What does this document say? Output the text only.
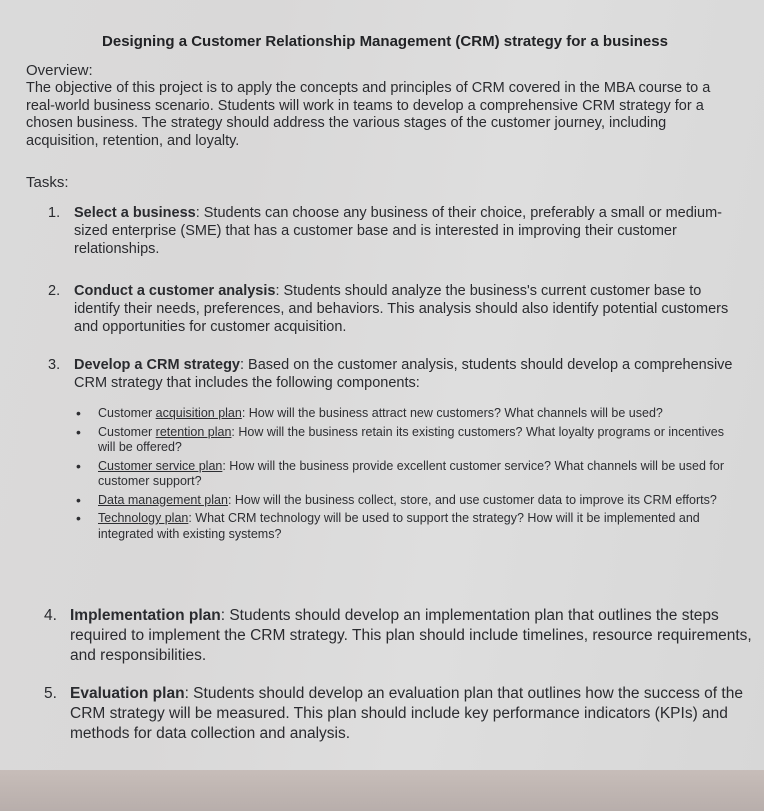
Designing a Customer Relationship Management (CRM) strategy for a business
Overview:
The objective of this project is to apply the concepts and principles of CRM covered in the MBA course to a real-world business scenario. Students will work in teams to develop a comprehensive CRM strategy for a chosen business. The strategy should address the various stages of the customer journey, including acquisition, retention, and loyalty.
Tasks:
1. Select a business: Students can choose any business of their choice, preferably a small or medium-sized enterprise (SME) that has a customer base and is interested in improving their customer relationships.
2. Conduct a customer analysis: Students should analyze the business's current customer base to identify their needs, preferences, and behaviors. This analysis should also identify potential customers and opportunities for customer acquisition.
3. Develop a CRM strategy: Based on the customer analysis, students should develop a comprehensive CRM strategy that includes the following components:
• Customer acquisition plan: How will the business attract new customers? What channels will be used?
• Customer retention plan: How will the business retain its existing customers? What loyalty programs or incentives will be offered?
• Customer service plan: How will the business provide excellent customer service? What channels will be used for customer support?
• Data management plan: How will the business collect, store, and use customer data to improve its CRM efforts?
• Technology plan: What CRM technology will be used to support the strategy? How will it be implemented and integrated with existing systems?
4. Implementation plan: Students should develop an implementation plan that outlines the steps required to implement the CRM strategy. This plan should include timelines, resource requirements, and responsibilities.
5. Evaluation plan: Students should develop an evaluation plan that outlines how the success of the CRM strategy will be measured. This plan should include key performance indicators (KPIs) and methods for data collection and analysis.
